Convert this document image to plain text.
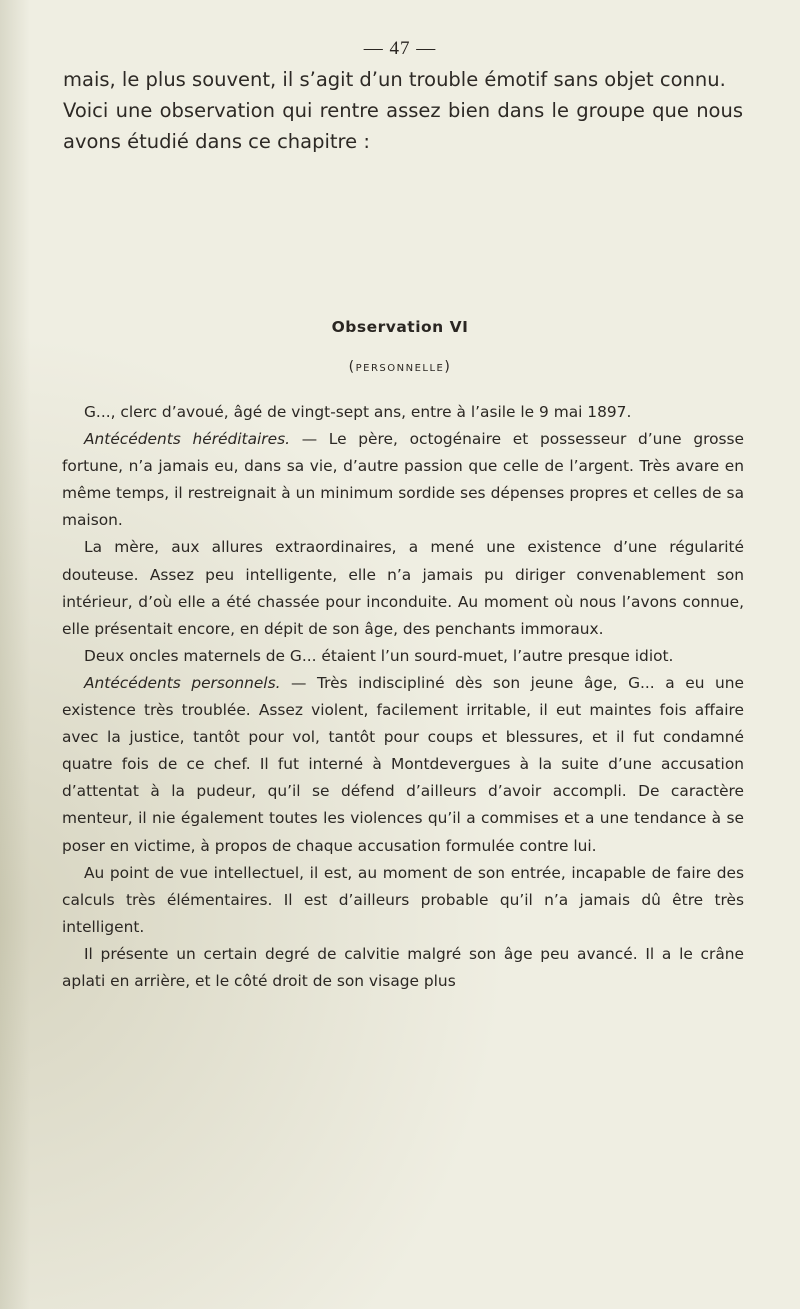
— 47 —

mais, le plus souvent, il s’agit d’un trouble émotif sans objet connu.

Voici une observation qui rentre assez bien dans le groupe que nous avons étudié dans ce chapitre :

Observation VI
(personnelle)

G..., clerc d’avoué, âgé de vingt-sept ans, entre à l’asile le 9 mai 1897.

Antécédents héréditaires. — Le père, octogénaire et possesseur d’une grosse fortune, n’a jamais eu, dans sa vie, d’autre passion que celle de l’argent. Très avare en même temps, il restreignait à un minimum sordide ses dépenses propres et celles de sa maison.

La mère, aux allures extraordinaires, a mené une existence d’une régularité douteuse. Assez peu intelligente, elle n’a jamais pu diriger convenablement son intérieur, d’où elle a été chassée pour inconduite. Au moment où nous l’avons connue, elle présentait encore, en dépit de son âge, des penchants immoraux.

Deux oncles maternels de G... étaient l’un sourd-muet, l’autre presque idiot.

Antécédents personnels. — Très indiscipliné dès son jeune âge, G... a eu une existence très troublée. Assez violent, facilement irritable, il eut maintes fois affaire avec la justice, tantôt pour vol, tantôt pour coups et blessures, et il fut condamné quatre fois de ce chef. Il fut interné à Montdevergues à la suite d’une accusation d’attentat à la pudeur, qu’il se défend d’ailleurs d’avoir accompli. De caractère menteur, il nie également toutes les violences qu’il a commises et a une tendance à se poser en victime, à propos de chaque accusation formulée contre lui.

Au point de vue intellectuel, il est, au moment de son entrée, incapable de faire des calculs très élémentaires. Il est d’ailleurs probable qu’il n’a jamais dû être très intelligent.

Il présente un certain degré de calvitie malgré son âge peu avancé. Il a le crâne aplati en arrière, et le côté droit de son visage plus
